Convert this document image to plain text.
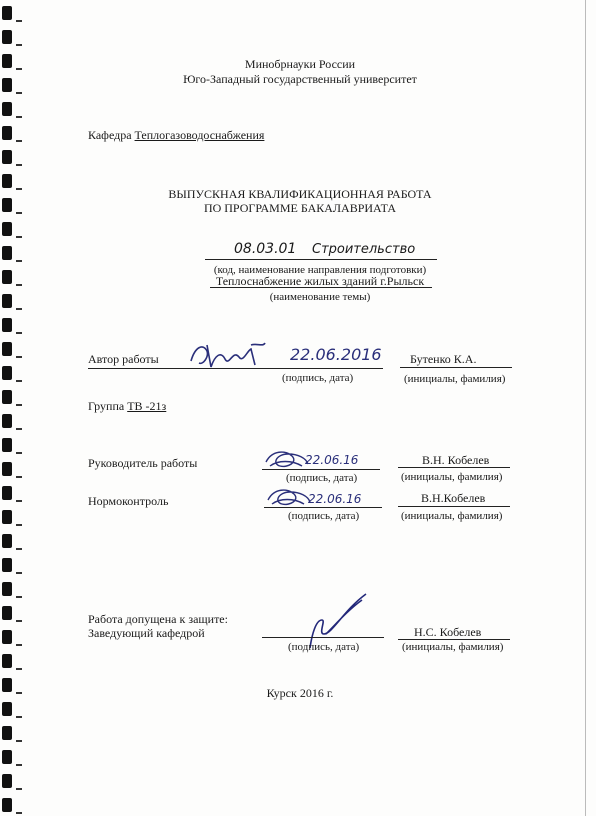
Минобрнауки России
Юго-Западный государственный университет
Кафедра Теплогазоводоснабжения
ВЫПУСКНАЯ КВАЛИФИКАЦИОННАЯ РАБОТА
ПО ПРОГРАММЕ БАКАЛАВРИАТА
08.03.01 Строительство
(код, наименование направления подготовки)
Теплоснабжение жилых зданий г.Рыльск
(наименование темы)
Автор работы	22.06.2016 Бутенко К.А.
(подпись, дата)	(инициалы, фамилия)
Группа ТВ -21з
Руководитель работы	22.06.16	В.Н. Кобелев
(подпись, дата)	(инициалы, фамилия)
Нормоконтроль	22.06.16	В.Н.Кобелев
(подпись, дата)	(инициалы, фамилия)
Работа допущена к защите:
Заведующий кафедрой	Н.С. Кобелев
(подпись, дата)	(инициалы, фамилия)
Курск 2016 г.
